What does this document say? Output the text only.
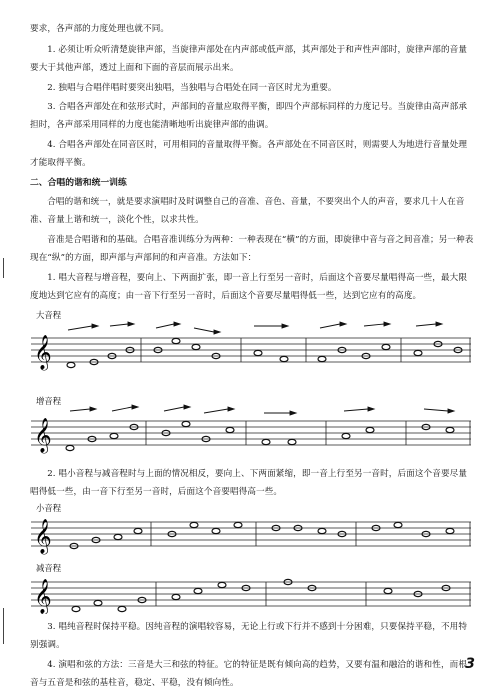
要求，各声部的力度处理也就不同。
1. 必须让听众听清楚旋律声部，当旋律声部处在内声部或低声部，其声部处于和声性声部时，旋律声部的音量要大于其他声部，透过上面和下面的音层而展示出来。
2. 独唱与合唱伴唱时要突出独唱，当独唱与合唱处在同一音区时尤为重要。
3. 合唱各声部处在和弦形式时，声部间的音量应取得平衡，即四个声部标同样的力度记号。当旋律由高声部承担时，各声部采用同样的力度也能清晰地听出旋律声部的曲调。
4. 合唱各声部处在同音区时，可用相同的音量取得平衡。各声部处在不同音区时，则需要人为地进行音量处理才能取得平衡。
二、合唱的谐和统一训练
合唱的谐和统一，就是要求演唱时及时调整自己的音准、音色、音量，不要突出个人的声音，要求几十人在音准、音量上谐和统一，淡化个性，以求共性。
音准是合唱谐和的基础。合唱音准训练分为两种：一种表现在“横”的方面，即旋律中音与音之间音准；另一种表现在“纵”的方面，即声部与声部间的和声音准。方法如下：
1. 唱大音程与增音程，要向上、下两面扩张，即一音上行至另一音时，后面这个音要尽量唱得高一些，最大限度地达到它应有的高度；由一音下行至另一音时，后面这个音要尽量唱得低一些，达到它应有的高度。
大音程
𝄞
增音程
𝄞
2. 唱小音程与减音程时与上面的情况相反，要向上、下两面紧缩，即一音上行至另一音时，后面这个音要尽量唱得低一些，由一音下行至另一音时，后面这个音要唱得高一些。
小音程
𝄞
减音程
𝄞
3. 唱纯音程时保持平稳。因纯音程的演唱较容易，无论上行或下行并不感到十分困难，只要保持平稳，不用特别强调。
4. 演唱和弦的方法：三音是大三和弦的特征。它的特征是既有倾向高的趋势，又要有温和融洽的谐和性，而根音与五音是和弦的基柱音，稳定、平稳，没有倾向性。
3
